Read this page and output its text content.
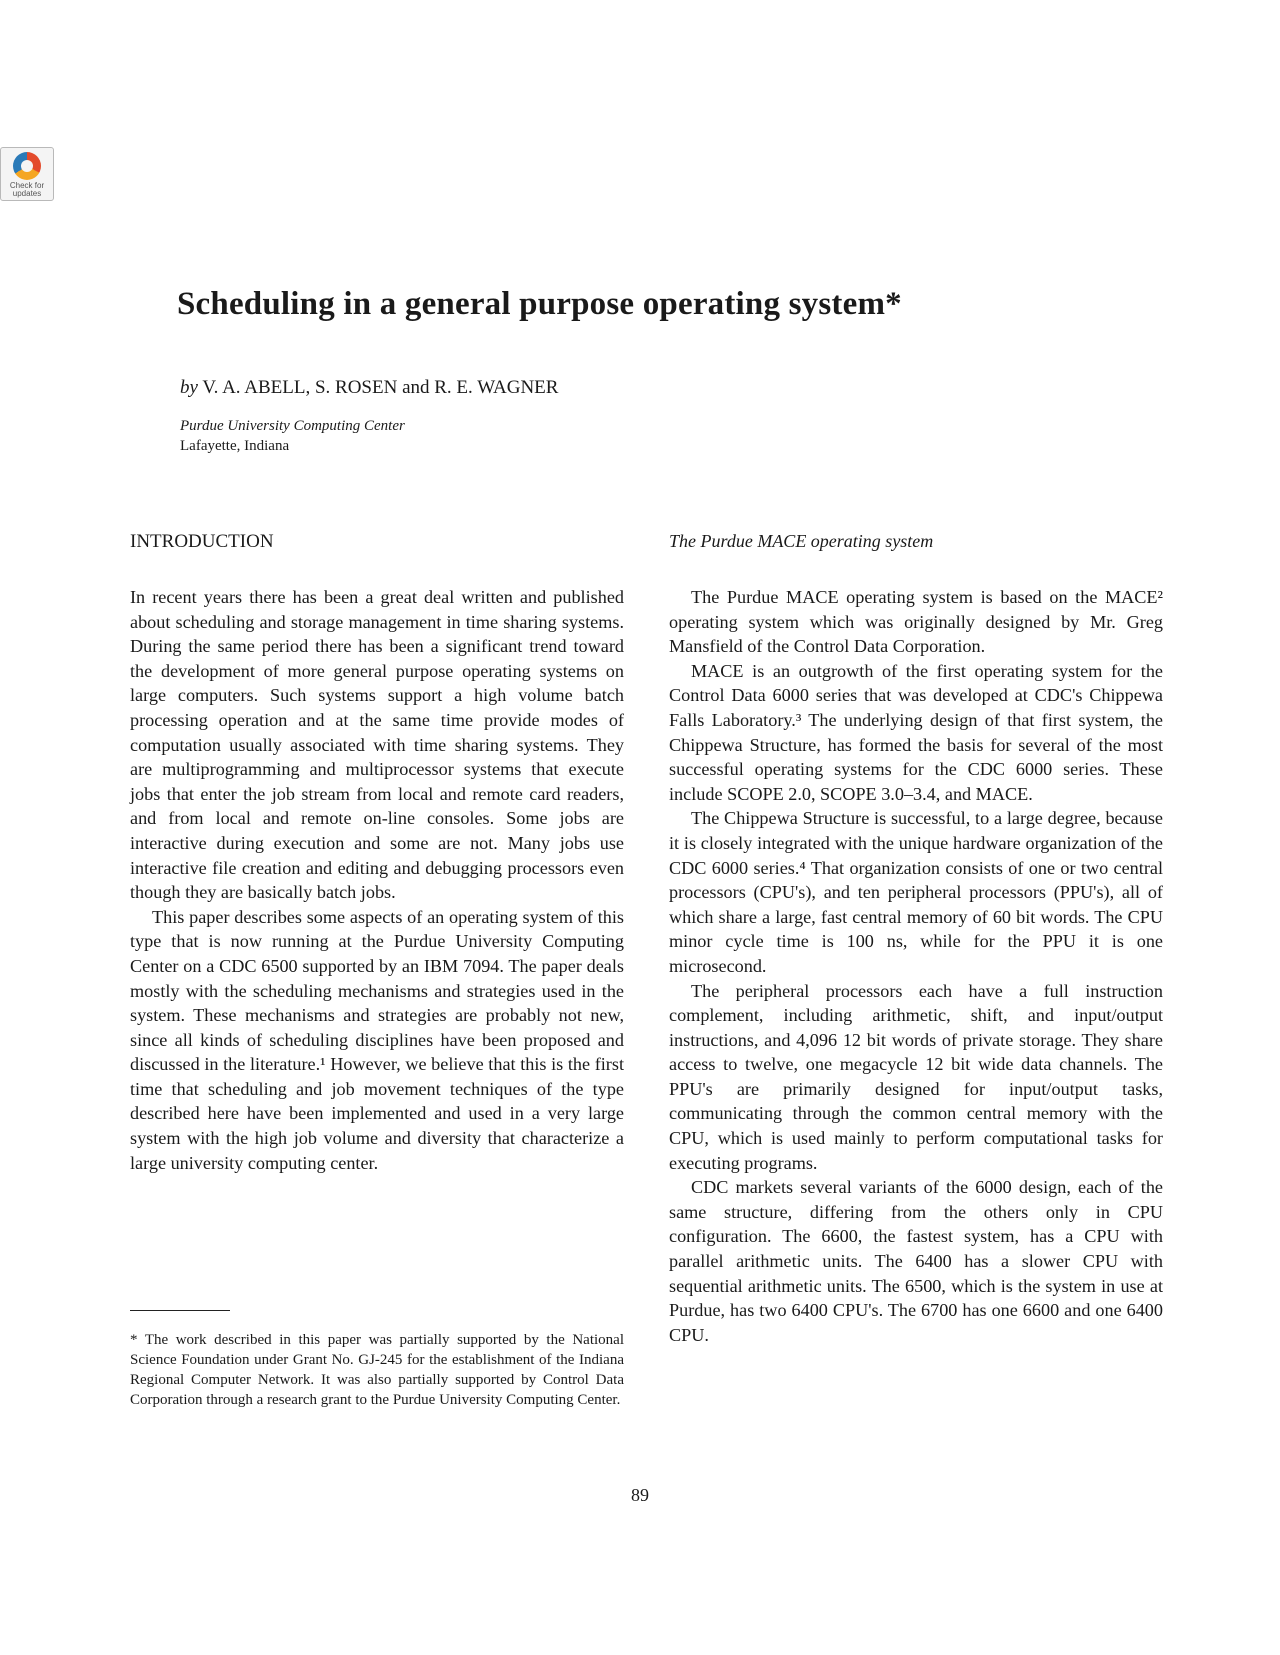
Check for updates
Scheduling in a general purpose operating system*
by V. A. ABELL, S. ROSEN and R. E. WAGNER
Purdue University Computing Center
Lafayette, Indiana
INTRODUCTION

In recent years there has been a great deal written and published about scheduling and storage management in time sharing systems. During the same period there has been a significant trend toward the development of more general purpose operating systems on large computers. Such systems support a high volume batch processing operation and at the same time provide modes of computation usually associated with time sharing systems. They are multiprogramming and multiprocessor systems that execute jobs that enter the job stream from local and remote card readers, and from local and remote on-line consoles. Some jobs are interactive during execution and some are not. Many jobs use interactive file creation and editing and debugging processors even though they are basically batch jobs.

This paper describes some aspects of an operating system of this type that is now running at the Purdue University Computing Center on a CDC 6500 supported by an IBM 7094. The paper deals mostly with the scheduling mechanisms and strategies used in the system. These mechanisms and strategies are probably not new, since all kinds of scheduling disciplines have been proposed and discussed in the literature.¹ However, we believe that this is the first time that scheduling and job movement techniques of the type described here have been implemented and used in a very large system with the high job volume and diversity that characterize a large university computing center.

* The work described in this paper was partially supported by the National Science Foundation under Grant No. GJ-245 for the establishment of the Indiana Regional Computer Network. It was also partially supported by Control Data Corporation through a research grant to the Purdue University Computing Center.

The Purdue MACE operating system

The Purdue MACE operating system is based on the MACE² operating system which was originally designed by Mr. Greg Mansfield of the Control Data Corporation.

MACE is an outgrowth of the first operating system for the Control Data 6000 series that was developed at CDC's Chippewa Falls Laboratory.³ The underlying design of that first system, the Chippewa Structure, has formed the basis for several of the most successful operating systems for the CDC 6000 series. These include SCOPE 2.0, SCOPE 3.0–3.4, and MACE.

The Chippewa Structure is successful, to a large degree, because it is closely integrated with the unique hardware organization of the CDC 6000 series.⁴ That organization consists of one or two central processors (CPU's), and ten peripheral processors (PPU's), all of which share a large, fast central memory of 60 bit words. The CPU minor cycle time is 100 ns, while for the PPU it is one microsecond.

The peripheral processors each have a full instruction complement, including arithmetic, shift, and input/output instructions, and 4,096 12 bit words of private storage. They share access to twelve, one megacycle 12 bit wide data channels. The PPU's are primarily designed for input/output tasks, communicating through the common central memory with the CPU, which is used mainly to perform computational tasks for executing programs.

CDC markets several variants of the 6000 design, each of the same structure, differing from the others only in CPU configuration. The 6600, the fastest system, has a CPU with parallel arithmetic units. The 6400 has a slower CPU with sequential arithmetic units. The 6500, which is the system in use at Purdue, has two 6400 CPU's. The 6700 has one 6600 and one 6400 CPU.

89
